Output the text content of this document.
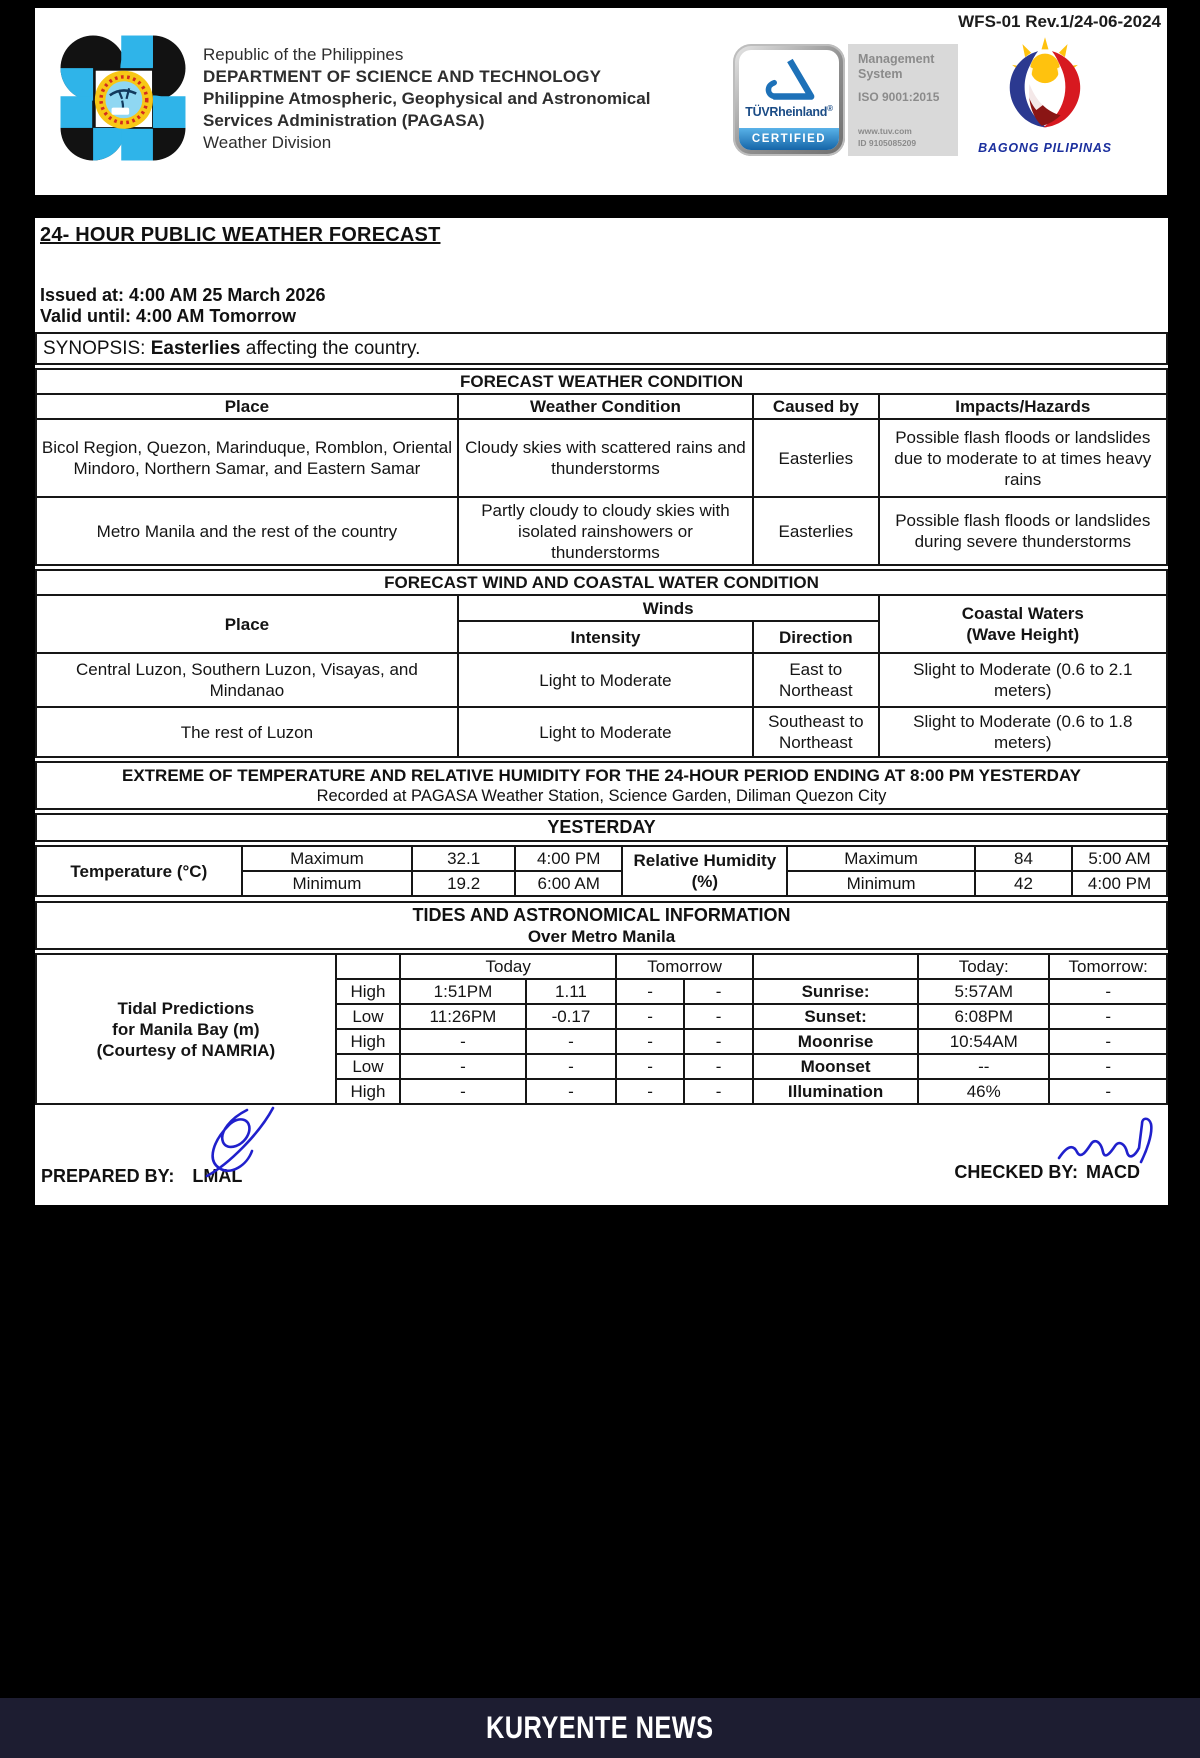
Republic of the Philippines
DEPARTMENT OF SCIENCE AND TECHNOLOGY
Philippine Atmospheric, Geophysical and Astronomical
Services Administration (PAGASA)
Weather Division
WFS-01 Rev.1/24-06-2024
TÜVRheinland®
CERTIFIED
Management
System
ISO 9001:2015
www.tuv.com
ID 9105085209	BAGONG PILIPINAS
24- HOUR PUBLIC WEATHER FORECAST
Issued at: 4:00 AM 25 March 2026
Valid until: 4:00 AM Tomorrow
SYNOPSIS: Easterlies affecting the country.
FORECAST WEATHER CONDITION			
Place	Weather Condition	Caused by	Impacts/Hazards
Bicol Region, Quezon, Marinduque, Romblon, Oriental Mindoro, Northern Samar, and Eastern Samar	Cloudy skies with scattered rains and thunderstorms	Easterlies	Possible flash floods or landslides due to moderate to at times heavy rains
Metro Manila and the rest of the country	Partly cloudy to cloudy skies with isolated rainshowers or thunderstorms	Easterlies	Possible flash floods or landslides during severe thunderstorms
FORECAST WIND AND COASTAL WATER CONDITION			
Place	Winds		Coastal Waters
(Wave Height)

	Intensity	Direction	
Central Luzon, Southern Luzon, Visayas, and Mindanao	Light to Moderate	East to Northeast	Slight to Moderate (0.6 to 2.1 meters)
The rest of Luzon	Light to Moderate	Southeast to Northeast	Slight to Moderate (0.6 to 1.8 meters)
EXTREME OF TEMPERATURE AND RELATIVE HUMIDITY FOR THE 24-HOUR PERIOD ENDING AT 8:00 PM YESTERDAY
Recorded at PAGASA Weather Station, Science Garden, Diliman Quezon City
YESTERDAY
Temperature (°C)	Maximum	32.1	4:00 PM	Relative Humidity (%)	Maximum	84	5:00 AM
	Minimum	19.2	6:00 AM		Minimum	42	4:00 PM
TIDES AND ASTRONOMICAL INFORMATION
Over Metro Manila
Tidal Predictions
for Manila Bay (m)
(Courtesy of NAMRIA)		Today		Tomorrow			Today:	Tomorrow:
	High	1:51PM	1.11	-	-	Sunrise:	5:57AM	-
	Low	11:26PM	-0.17	-	-	Sunset:	6:08PM	-
	High	-	-	-	-	Moonrise	10:54AM	-
	Low	-	-	-	-	Moonset	--	-
	High	-	-	-	-	Illumination	46%	-
PREPARED BY: LMAL	CHECKED BY: MACD
KURYENTE NEWS
